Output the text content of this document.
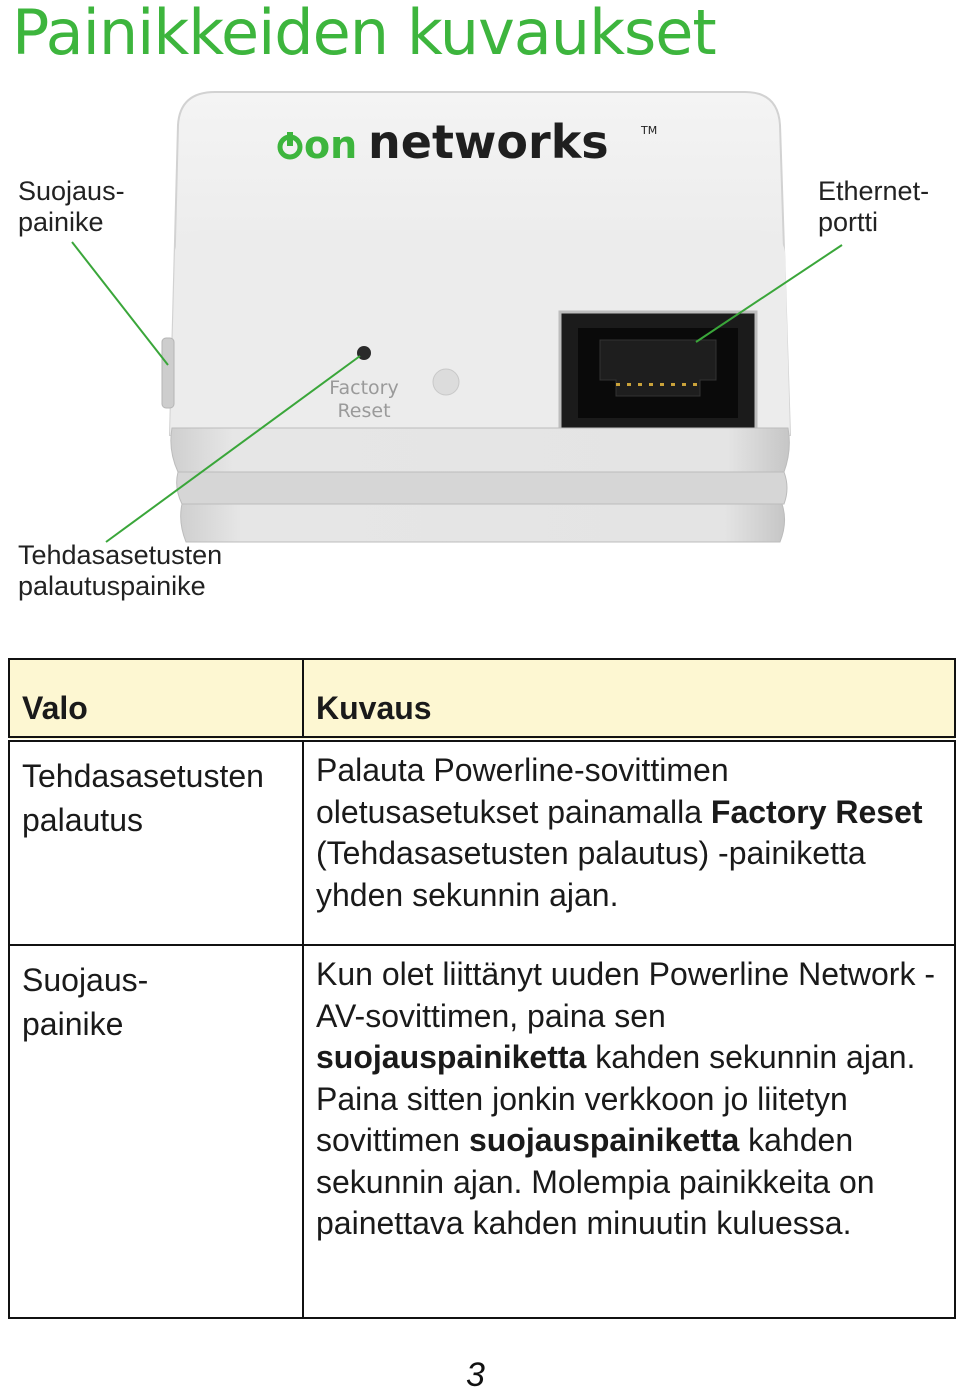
Painikkeiden kuvaukset
on networks	TM
Factory
Reset
Suojaus-
painike
Ethernet-
portti
Tehdasasetusten
palautuspainike
Valo	Kuvaus
Tehdasasetusten
palautus	Palauta Powerline-sovittimen oletusasetukset painamalla Factory Reset (Tehdasasetusten palautus) -painiketta yhden sekunnin ajan.
Suojaus-
painike	Kun olet liittänyt uuden Powerline Network -AV-sovittimen, paina sen suojauspainiketta kahden sekunnin ajan. Paina sitten jonkin verkkoon jo liitetyn sovittimen suojauspainiketta kahden sekunnin ajan. Molempia painikkeita on painettava kahden minuutin kuluessa.
3
